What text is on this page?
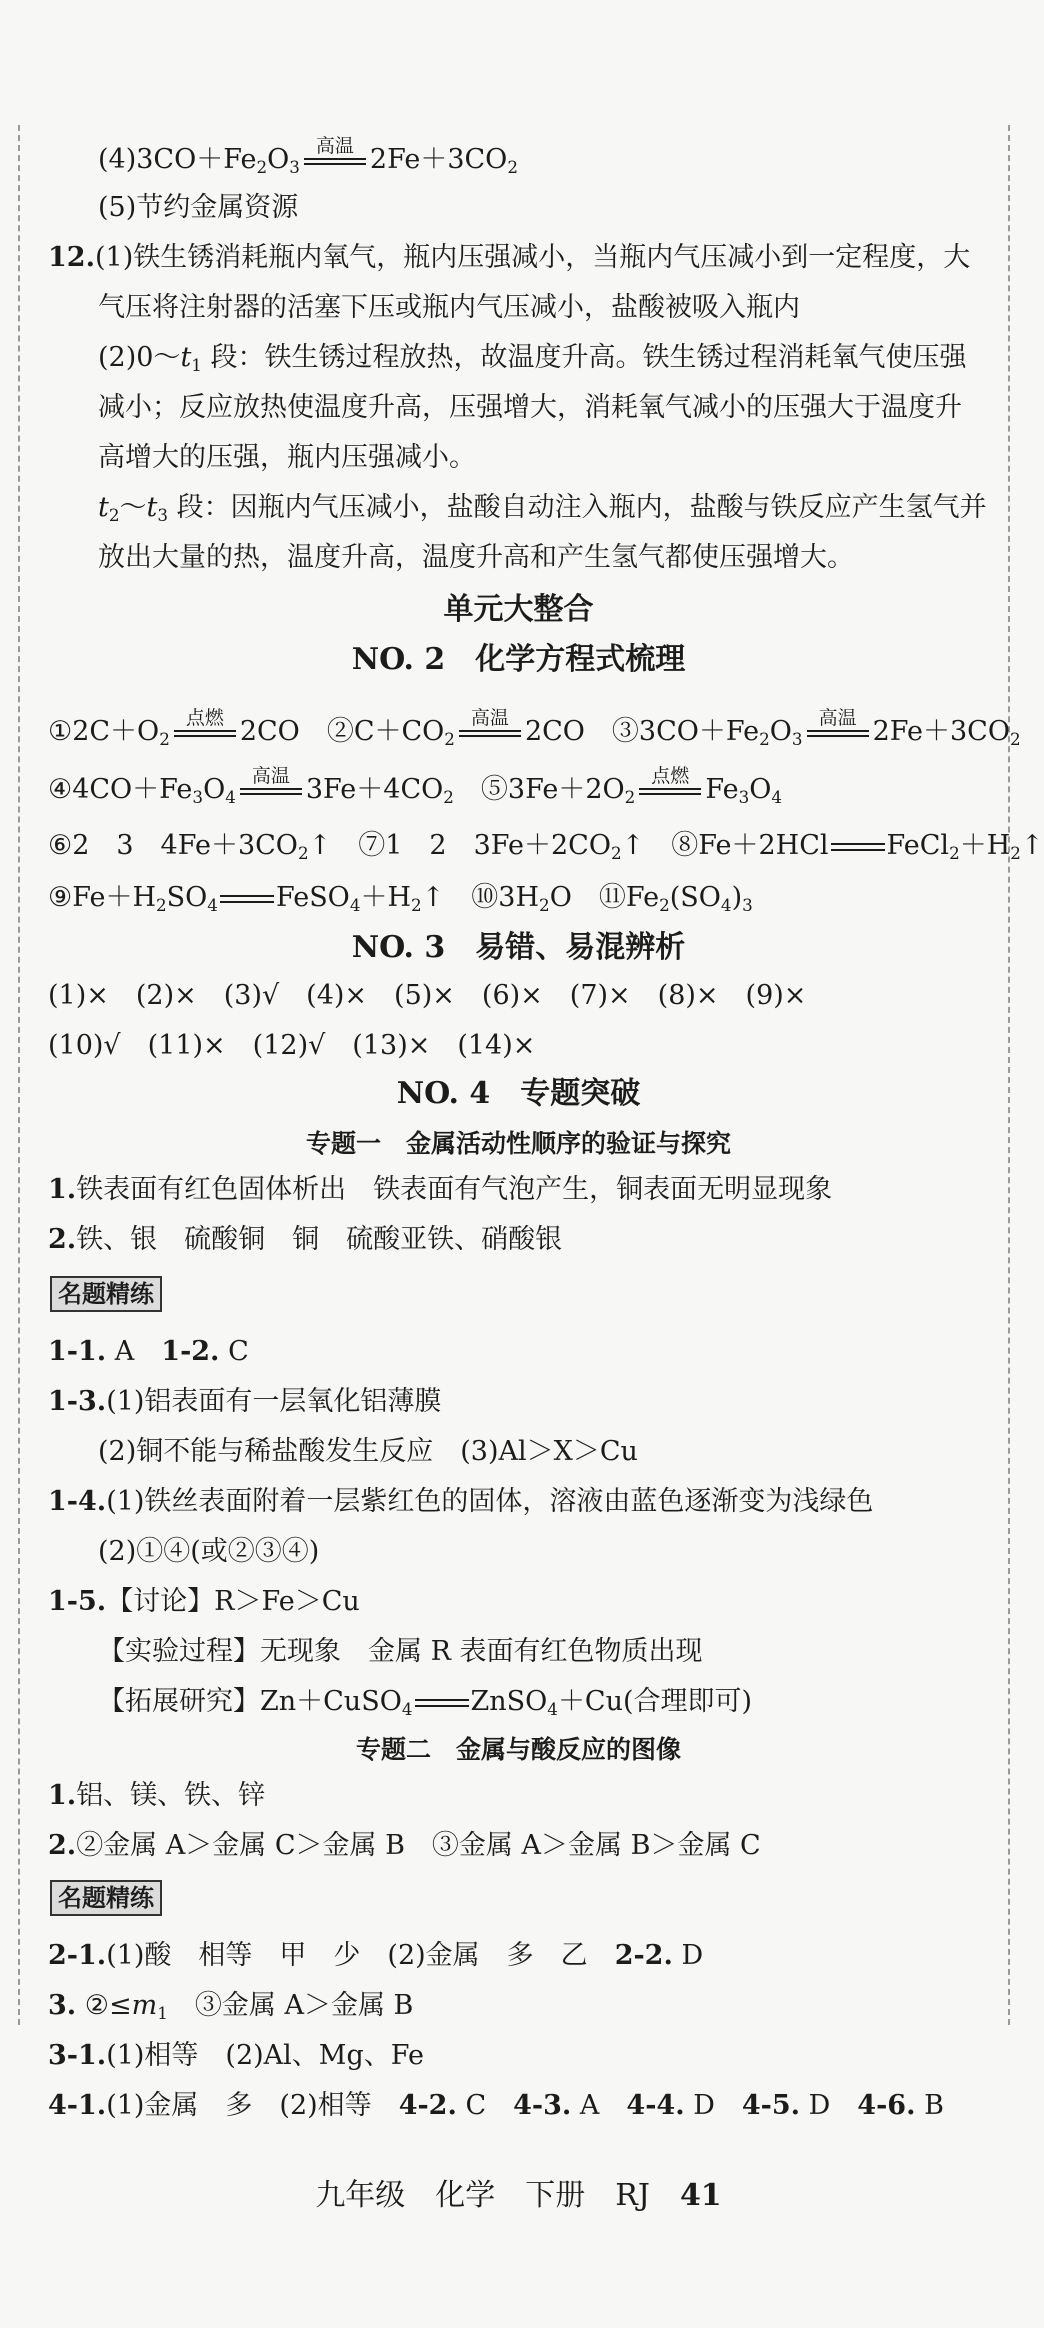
$(4)3CO+Fe_2O_3$
高温 $2Fe+3CO_2$
(5)节约金属资源
12.(1)铁生锈消耗瓶内氧气，瓶内压强减小，当瓶内气压减小到一定程度，大
气压将注射器的活塞下压或瓶内气压减小，盐酸被吸入瓶内
$(2)0\sim t_1$ 段：铁生锈过程放热，故温度升高。铁生锈过程消耗氧气使压强
减小；反应放热使温度升高，压强增大，消耗氧气减小的压强大于温度升
高增大的压强，瓶内压强减小。
$t_2\sim t_3$ 段：因瓶内气压减小，盐酸自动注入瓶内，盐酸与铁反应产生氢气并
放出大量的热，温度升高，温度升高和产生氢气都使压强增大。
单元大整合
NO. 2　化学方程式梳理
$①2C+O_2$
点燃 2CO　$②C+CO_2$
高温 2CO　$③3CO+Fe_2O_3$
高温 $2Fe+3CO_2$
$④4CO+Fe_3O_4$
高温 $3Fe+4CO_2$　$⑤3Fe+2O_2$
点燃 $Fe_3O_4$
⑥2　3　$4Fe+3CO_2↑$　⑦1　2　$3Fe+2CO_2↑$　⑧Fe＋2HCl $FeCl_2+H_2↑$
$⑨Fe+H_2SO_4$ $FeSO_4+H_2↑$　$⑩3H_2O$　$⑪Fe_2(SO_4)_3$
NO. 3　易错、易混辨析
(1)×　(2)×　(3)√　(4)×　(5)×　(6)×　(7)×　(8)×　(9)×
(10)√　(11)×　(12)√　(13)×　(14)×
NO. 4　专题突破
专题一　金属活动性顺序的验证与探究
1.铁表面有红色固体析出　铁表面有气泡产生，铜表面无明显现象
2.铁、银　硫酸铜　铜　硫酸亚铁、硝酸银
名题精练
1-1. A　 1-2. C
1-3.(1)铝表面有一层氧化铝薄膜
(2)铜不能与稀盐酸发生反应　(3)Al＞X＞Cu
1-4.(1)铁丝表面附着一层紫红色的固体，溶液由蓝色逐渐变为浅绿色
(2)①④(或②③④)
1-5.【讨论】R＞Fe＞Cu
【实验过程】无现象　金属 R 表面有红色物质出现
【拓展研究】Zn＋CuSO$_4$ ZnSO$_4$＋Cu(合理即可)
专题二　金属与酸反应的图像
1.铝、镁、铁、锌
2.②金属 A＞金属 C＞金属 B　③金属 A＞金属 B＞金属 C
名题精练
2-1.(1)酸　相等　甲　少　(2)金属　多　乙　 2-2. D
3. $②\le m_1$　③金属 A＞金属 B
3-1.(1)相等　(2)Al、Mg、Fe
4-1.(1)金属　多　(2)相等　 4-2. C　 4-3. A　 4-4. D　 4-5. D　 4-6. B
九年级　化学　下册　RJ　 41
